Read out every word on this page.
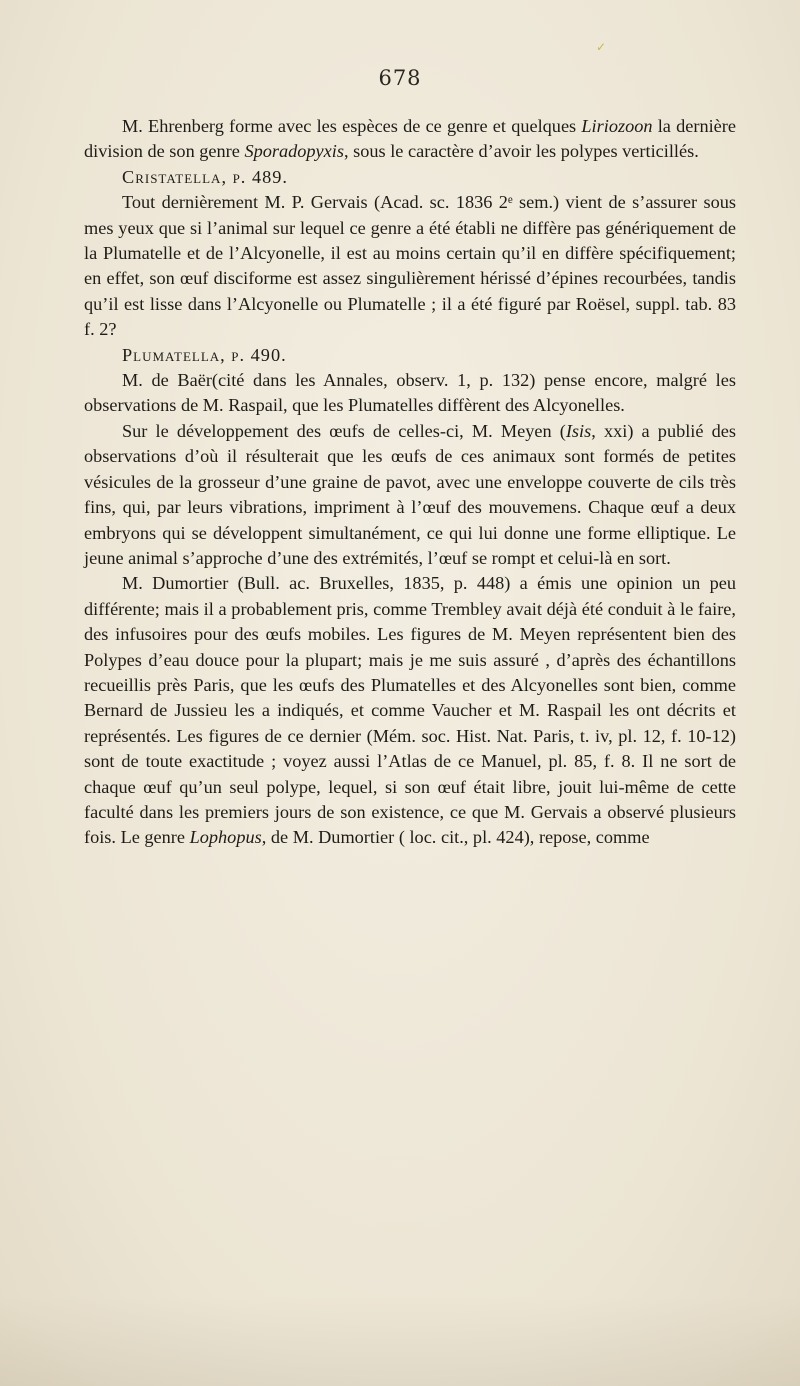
✓
678

M. Ehrenberg forme avec les espèces de ce genre et quelques Liriozoon la dernière division de son genre Sporadopyxis, sous le caractère d’avoir les polypes verticillés.

Cristatella, p. 489.

Tout dernièrement M. P. Gervais (Acad. sc. 1836 2ᵉ sem.) vient de s’assurer sous mes yeux que si l’animal sur lequel ce genre a été établi ne diffère pas génériquement de la Plumatelle et de l’Alcyonelle, il est au moins certain qu’il en diffère spécifiquement; en effet, son œuf disciforme est assez singulièrement hérissé d’épines recourbées, tandis qu’il est lisse dans l’Alcyonelle ou Plumatelle ; il a été figuré par Roësel, suppl. tab. 83 f. 2?

Plumatella, p. 490.

M. de Baër(cité dans les Annales, observ. 1, p. 132) pense encore, malgré les observations de M. Raspail, que les Plumatelles diffèrent des Alcyonelles.

Sur le développement des œufs de celles-ci, M. Meyen (Isis, xxi) a publié des observations d’où il résulterait que les œufs de ces animaux sont formés de petites vésicules de la grosseur d’une graine de pavot, avec une enveloppe couverte de cils très fins, qui, par leurs vibrations, impriment à l’œuf des mouvemens. Chaque œuf a deux embryons qui se développent simultanément, ce qui lui donne une forme elliptique. Le jeune animal s’approche d’une des extrémités, l’œuf se rompt et celui-là en sort.

M. Dumortier (Bull. ac. Bruxelles, 1835, p. 448) a émis une opinion un peu différente; mais il a probablement pris, comme Trembley avait déjà été conduit à le faire, des infusoires pour des œufs mobiles. Les figures de M. Meyen représentent bien des Polypes d’eau douce pour la plupart; mais je me suis assuré , d’après des échantillons recueillis près Paris, que les œufs des Plumatelles et des Alcyonelles sont bien, comme Bernard de Jussieu les a indiqués, et comme Vaucher et M. Raspail les ont décrits et représentés. Les figures de ce dernier (Mém. soc. Hist. Nat. Paris, t. iv, pl. 12, f. 10-12) sont de toute exactitude ; voyez aussi l’Atlas de ce Manuel, pl. 85, f. 8. Il ne sort de chaque œuf qu’un seul polype, lequel, si son œuf était libre, jouit lui-même de cette faculté dans les premiers jours de son existence, ce que M. Gervais a observé plusieurs fois. Le genre Lophopus, de M. Dumortier ( loc. cit., pl. 424), repose, comme
